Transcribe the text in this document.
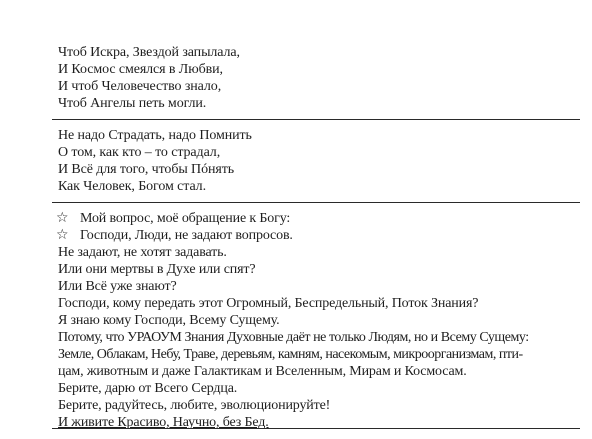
Чтоб Искра, Звездой запылала,
И Космос смеялся в Любви,
И чтоб Человечество знало,
Чтоб Ангелы петь могли.
Не надо Страдать, надо Помнить
О том, как кто – то страдал,
И Всё для того, чтобы Пóнять
Как Человек, Богом стал.
☆ Мой вопрос, моё обращение к Богу:
☆ Господи, Люди, не задают вопросов.
Не задают, не хотят задавать.
Или они мертвы в Духе или спят?
Или Всё уже знают?
Господи, кому передать этот Огромный, Беспредельный, Поток Знания?
Я знаю кому Господи, Всему Сущему.
Потому, что УРАОУМ Знания Духовные даёт не только Людям, но и Всему Сущему:
Земле, Облакам, Небу, Траве, деревьям, камням, насекомым, микроорганизмам, пти-
цам, животным и даже Галактикам и Вселенным, Мирам и Космосам.
Берите, дарю от Всего Сердца.
Берите, радуйтесь, любите, эволюционируйте!
И живите Красиво, Научно, без Бед.
